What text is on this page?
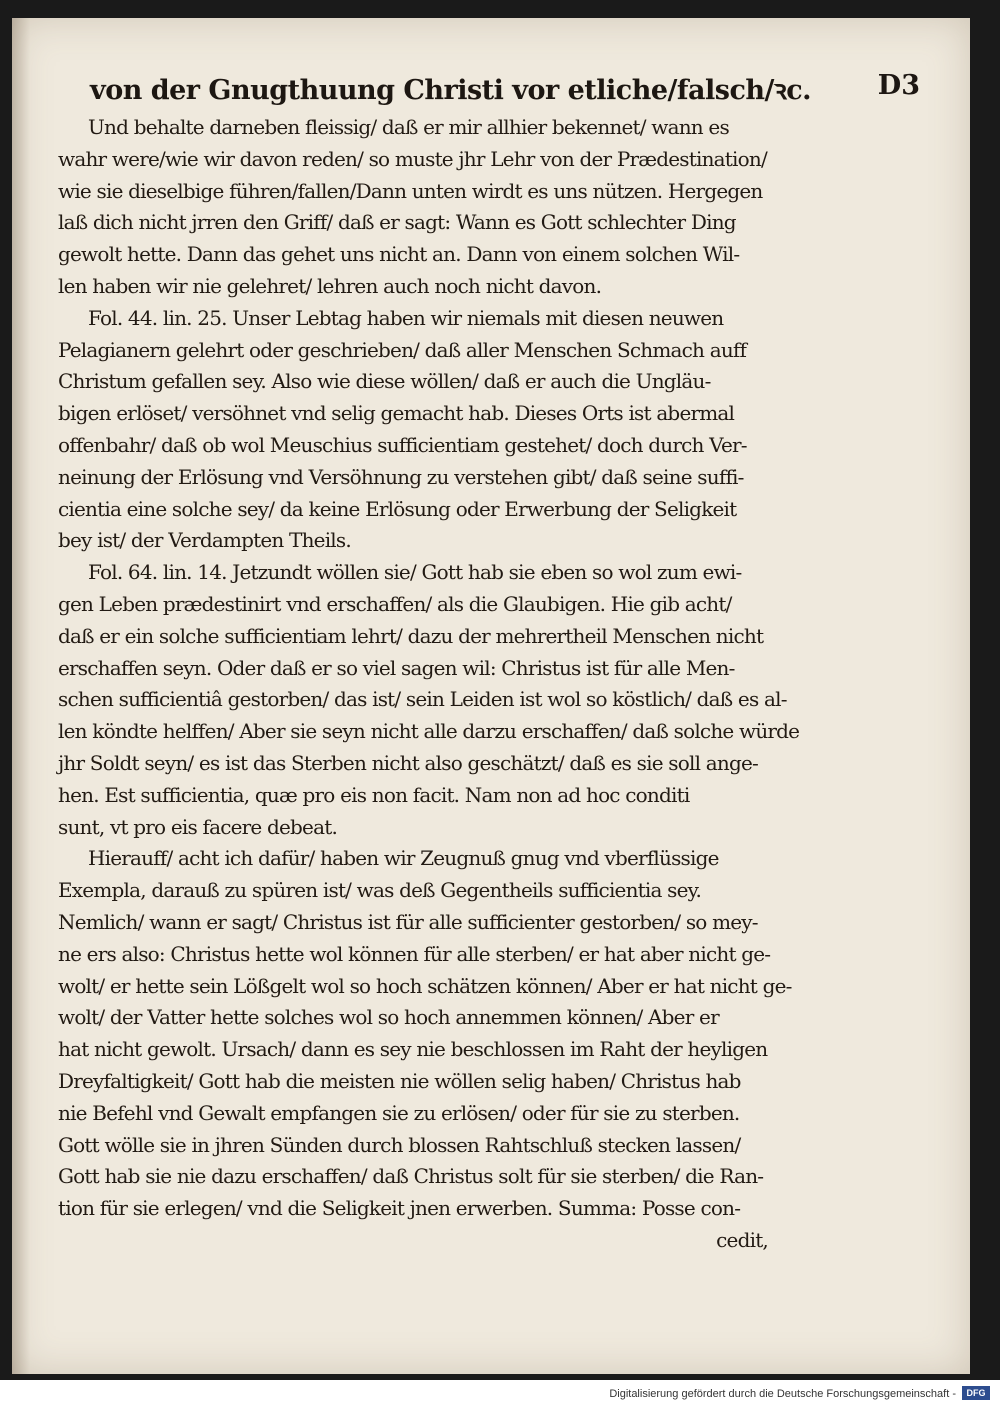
von der Gnugthuung Christi vor etliche/falsch/ꝛc. D3
Und behalte darneben fleissig/ daß er mir allhier bekennet/ wann es
wahr were/wie wir davon reden/ so muste jhr Lehr von der Prædestination/
wie sie dieselbige führen/fallen/Dann unten wirdt es uns nützen. Hergegen
laß dich nicht jrren den Griff/ daß er sagt: Wann es Gott schlechter Ding
gewolt hette. Dann das gehet uns nicht an. Dann von einem solchen Wil-
len haben wir nie gelehret/ lehren auch noch nicht davon.
Fol. 44. lin. 25. Unser Lebtag haben wir niemals mit diesen neuwen
Pelagianern gelehrt oder geschrieben/ daß aller Menschen Schmach auff
Christum gefallen sey. Also wie diese wöllen/ daß er auch die Ungläu-
bigen erlöset/ versöhnet vnd selig gemacht hab. Dieses Orts ist abermal
offenbahr/ daß ob wol Meuschius sufficientiam gestehet/ doch durch Ver-
neinung der Erlösung vnd Versöhnung zu verstehen gibt/ daß seine suffi-
cientia eine solche sey/ da keine Erlösung oder Erwerbung der Seligkeit
bey ist/ der Verdampten Theils.
Fol. 64. lin. 14. Jetzundt wöllen sie/ Gott hab sie eben so wol zum ewi-
gen Leben prædestinirt vnd erschaffen/ als die Glaubigen. Hie gib acht/
daß er ein solche sufficientiam lehrt/ dazu der mehrertheil Menschen nicht
erschaffen seyn. Oder daß er so viel sagen wil: Christus ist für alle Men-
schen sufficientiâ gestorben/ das ist/ sein Leiden ist wol so köstlich/ daß es al-
len köndte helffen/ Aber sie seyn nicht alle darzu erschaffen/ daß solche würde
jhr Soldt seyn/ es ist das Sterben nicht also geschätzt/ daß es sie soll ange-
hen. Est sufficientia, quæ pro eis non facit. Nam non ad hoc conditi
sunt, vt pro eis facere debeat.
Hierauff/ acht ich dafür/ haben wir Zeugnuß gnug vnd vberflüssige
Exempla, darauß zu spüren ist/ was deß Gegentheils sufficientia sey.
Nemlich/ wann er sagt/ Christus ist für alle sufficienter gestorben/ so mey-
ne ers also: Christus hette wol können für alle sterben/ er hat aber nicht ge-
wolt/ er hette sein Lößgelt wol so hoch schätzen können/ Aber er hat nicht ge-
wolt/ der Vatter hette solches wol so hoch annemmen können/ Aber er
hat nicht gewolt. Ursach/ dann es sey nie beschlossen im Raht der heyligen
Dreyfaltigkeit/ Gott hab die meisten nie wöllen selig haben/ Christus hab
nie Befehl vnd Gewalt empfangen sie zu erlösen/ oder für sie zu sterben.
Gott wölle sie in jhren Sünden durch blossen Rahtschluß stecken lassen/
Gott hab sie nie dazu erschaffen/ daß Christus solt für sie sterben/ die Ran-
tion für sie erlegen/ vnd die Seligkeit jnen erwerben. Summa: Posse con-
cedit,
Digitalisierung gefördert durch die Deutsche Forschungsgemeinschaft -	DFG
